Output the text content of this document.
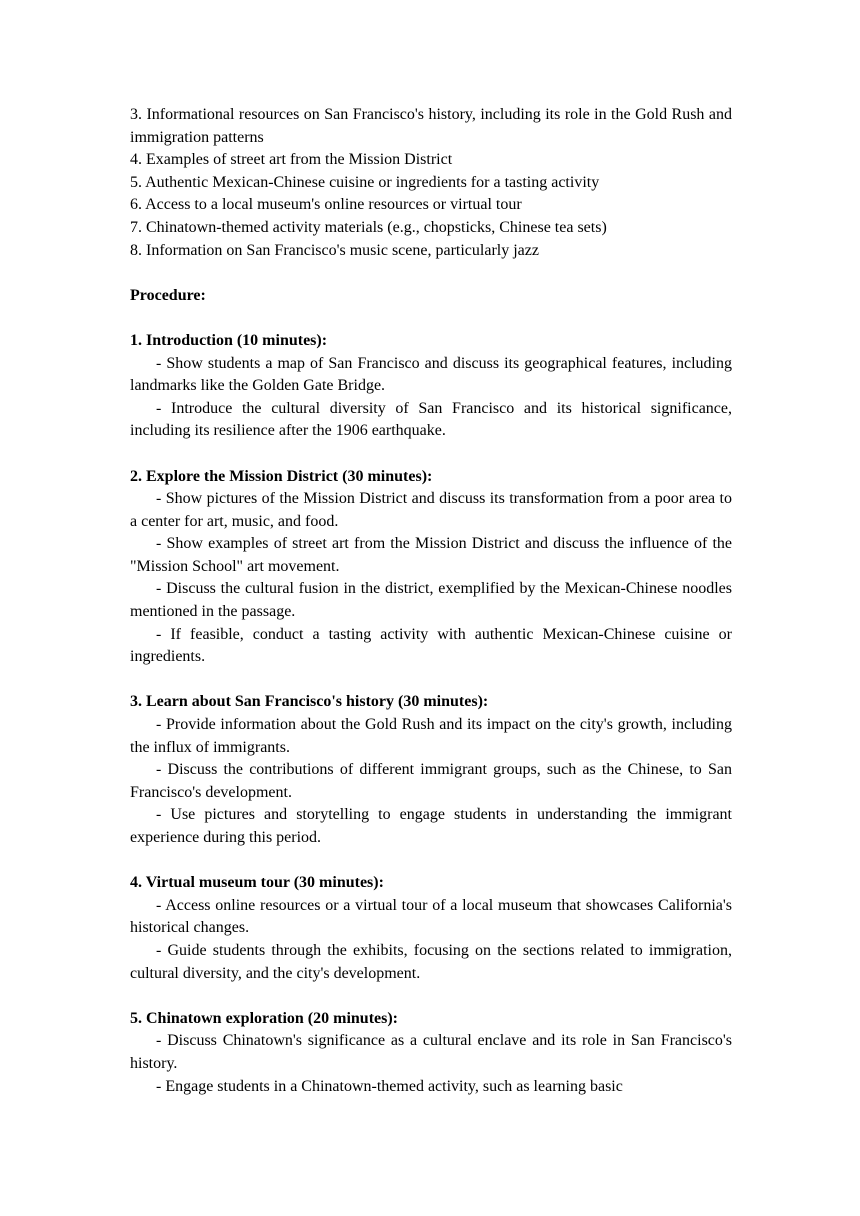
3. Informational resources on San Francisco's history, including its role in the Gold Rush and immigration patterns

4. Examples of street art from the Mission District

5. Authentic Mexican-Chinese cuisine or ingredients for a tasting activity

6. Access to a local museum's online resources or virtual tour

7. Chinatown-themed activity materials (e.g., chopsticks, Chinese tea sets)

8. Information on San Francisco's music scene, particularly jazz

Procedure:

1. Introduction (10 minutes):

- Show students a map of San Francisco and discuss its geographical features, including landmarks like the Golden Gate Bridge.

- Introduce the cultural diversity of San Francisco and its historical significance, including its resilience after the 1906 earthquake.

2. Explore the Mission District (30 minutes):

- Show pictures of the Mission District and discuss its transformation from a poor area to a center for art, music, and food.

- Show examples of street art from the Mission District and discuss the influence of the "Mission School" art movement.

- Discuss the cultural fusion in the district, exemplified by the Mexican-Chinese noodles mentioned in the passage.

- If feasible, conduct a tasting activity with authentic Mexican-Chinese cuisine or ingredients.

3. Learn about San Francisco's history (30 minutes):

- Provide information about the Gold Rush and its impact on the city's growth, including the influx of immigrants.

- Discuss the contributions of different immigrant groups, such as the Chinese, to San Francisco's development.

- Use pictures and storytelling to engage students in understanding the immigrant experience during this period.

4. Virtual museum tour (30 minutes):

- Access online resources or a virtual tour of a local museum that showcases California's historical changes.

- Guide students through the exhibits, focusing on the sections related to immigration, cultural diversity, and the city's development.

5. Chinatown exploration (20 minutes):

- Discuss Chinatown's significance as a cultural enclave and its role in San Francisco's history.

- Engage students in a Chinatown-themed activity, such as learning basic
